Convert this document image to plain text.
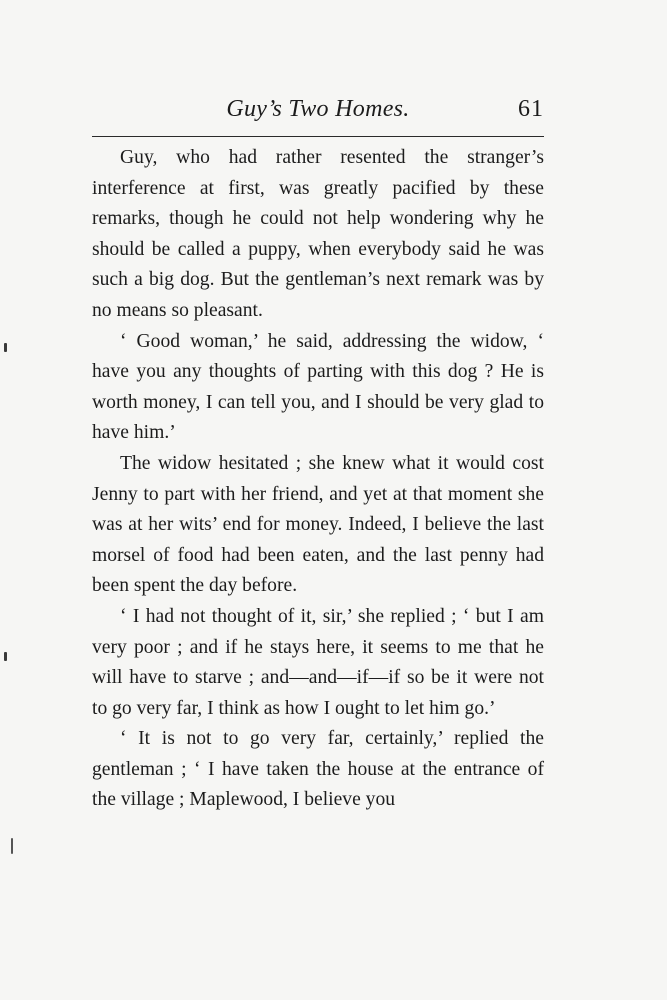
Guy’s Two Homes.	61

Guy, who had rather resented the stranger’s interference at first, was greatly pacified by these remarks, though he could not help wondering why he should be called a puppy, when everybody said he was such a big dog. But the gentleman’s next remark was by no means so pleasant.

‘ Good woman,’ he said, addressing the widow, ‘ have you any thoughts of parting with this dog ? He is worth money, I can tell you, and I should be very glad to have him.’

The widow hesitated ; she knew what it would cost Jenny to part with her friend, and yet at that moment she was at her wits’ end for money. Indeed, I believe the last morsel of food had been eaten, and the last penny had been spent the day before.

‘ I had not thought of it, sir,’ she replied ; ‘ but I am very poor ; and if he stays here, it seems to me that he will have to starve ; and—and—if—if so be it were not to go very far, I think as how I ought to let him go.’

‘ It is not to go very far, certainly,’ replied the gentleman ; ‘ I have taken the house at the entrance of the village ; Maplewood, I believe you
